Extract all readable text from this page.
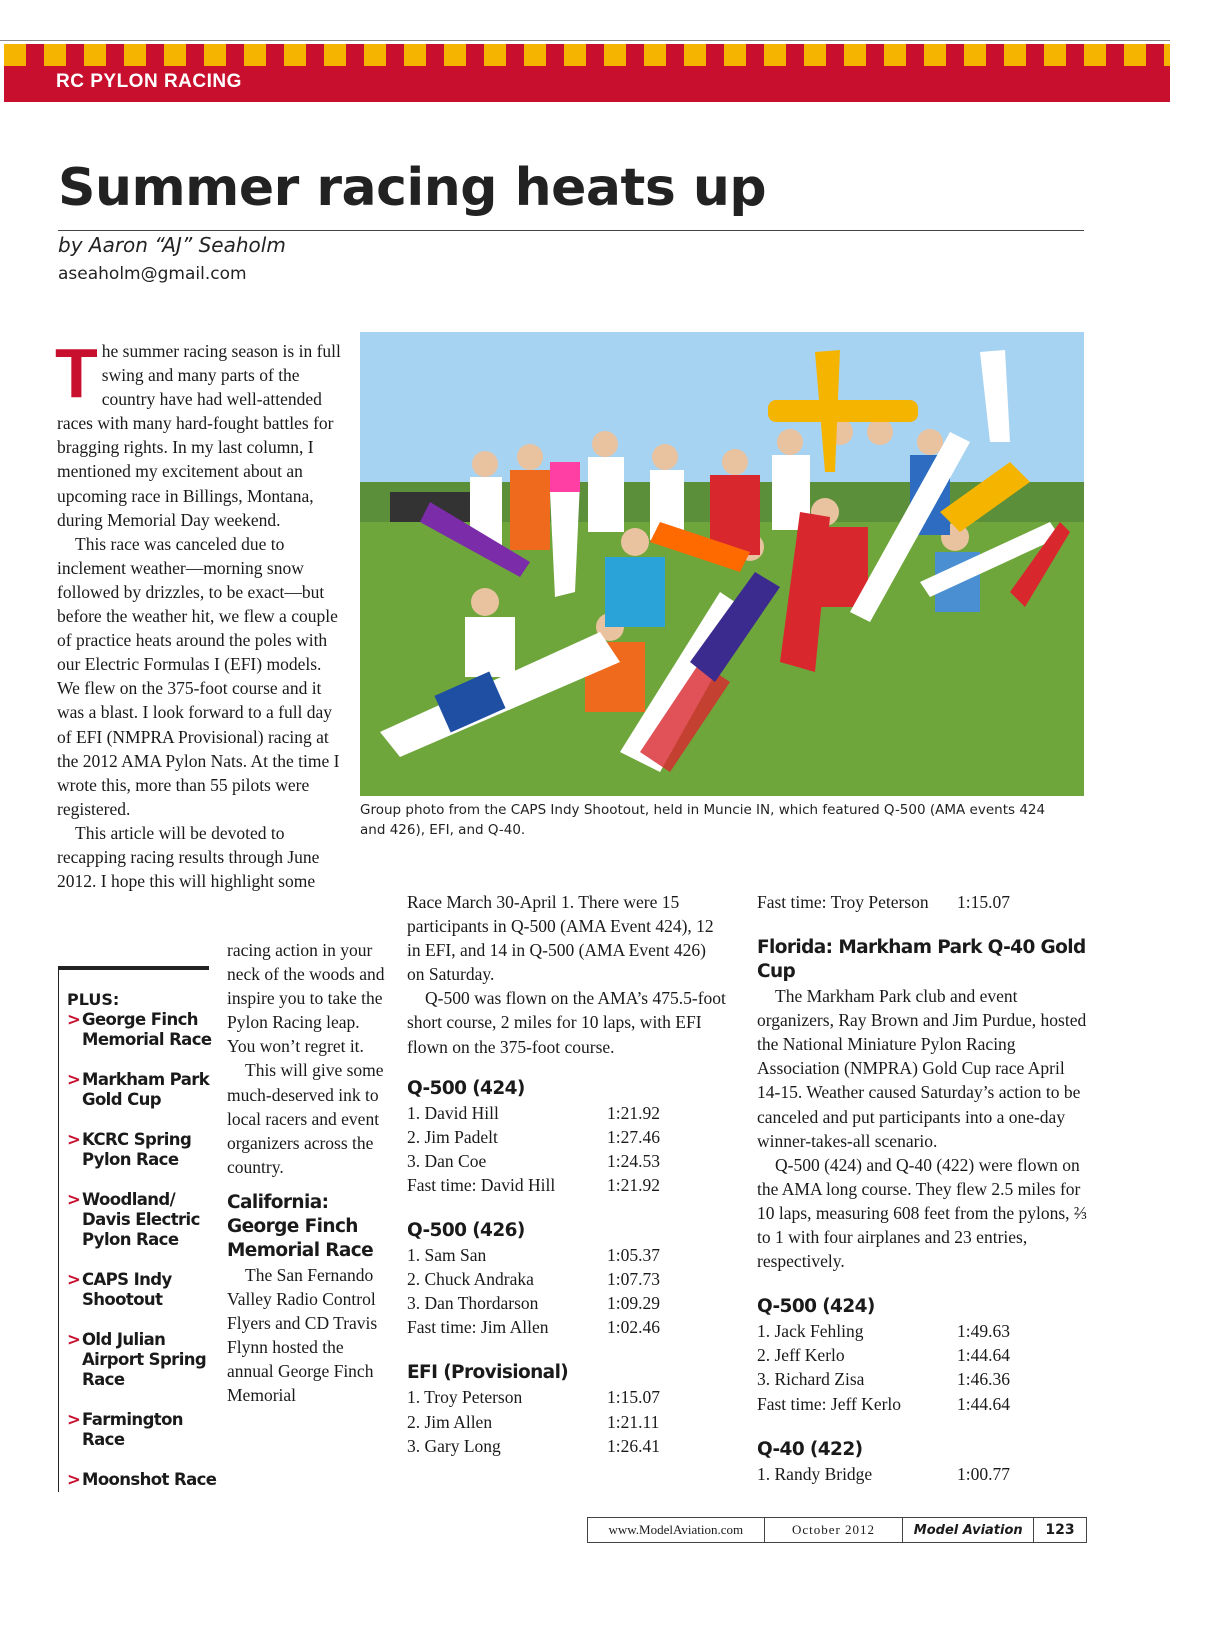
RC PYLON RACING
Summer racing heats up
by Aaron “AJ” Seaholm
aseaholm@gmail.com

The summer racing season is in full swing and many parts of the country have had well-attended races with many hard-fought battles for bragging rights. In my last column, I mentioned my excitement about an upcoming race in Billings, Montana, during Memorial Day weekend.

This race was canceled due to inclement weather—morning snow followed by drizzles, to be exact—but before the weather hit, we flew a couple of practice heats around the poles with our Electric Formulas I (EFI) models. We flew on the 375-foot course and it was a blast. I look forward to a full day of EFI (NMPRA Provisional) racing at the 2012 AMA Pylon Nats. At the time I wrote this, more than 55 pilots were registered.

This article will be devoted to recapping racing results through June 2012. I hope this will highlight some

Group photo from the CAPS Indy Shootout, held in Muncie IN, which featured Q-500 (AMA events 424 and 426), EFI, and Q-40.

racing action in your neck of the woods and inspire you to take the Pylon Racing leap. You won’t regret it.

This will give some much-deserved ink to local racers and event organizers across the country.

California: George Finch Memorial Race

The San Fernando Valley Radio Control Flyers and CD Travis Flynn hosted the annual George Finch Memorial

PLUS:
> George Finch Memorial Race
> Markham Park Gold Cup
> KCRC Spring Pylon Race
> Woodland/ Davis Electric Pylon Race
> CAPS Indy Shootout
> Old Julian Airport Spring Race
> Farmington Race
> Moonshot Race

Race March 30-April 1. There were 15 participants in Q-500 (AMA Event 424), 12 in EFI, and 14 in Q-500 (AMA Event 426) on Saturday.

Q-500 was flown on the AMA’s 475.5-foot short course, 2 miles for 10 laps, with EFI flown on the 375-foot course.

Q-500 (424)
1. David Hill	1:21.92
2. Jim Padelt	1:27.46
3. Dan Coe	1:24.53
Fast time: David Hill	1:21.92
Q-500 (426)
1. Sam San	1:05.37
2. Chuck Andraka	1:07.73
3. Dan Thordarson	1:09.29
Fast time: Jim Allen	1:02.46
EFI (Provisional)
1. Troy Peterson	1:15.07
2. Jim Allen	1:21.11
3. Gary Long	1:26.41
Fast time: Troy Peterson 1:15.07
Florida: Markham Park Q-40 Gold Cup

The Markham Park club and event organizers, Ray Brown and Jim Purdue, hosted the National Miniature Pylon Racing Association (NMPRA) Gold Cup race April 14-15. Weather caused Saturday’s action to be canceled and put participants into a one-day winner-takes-all scenario.

Q-500 (424) and Q-40 (422) were flown on the AMA long course. They flew 2.5 miles for 10 laps, measuring 608 feet from the pylons, ⅔ to 1 with four airplanes and 23 entries, respectively.

Q-500 (424)
1. Jack Fehling	1:49.63
2. Jeff Kerlo	1:44.64
3. Richard Zisa	1:46.36
Fast time: Jeff Kerlo	1:44.64
Q-40 (422)
1. Randy Bridge	1:00.77
www.ModelAviation.com	October 2012	Model Aviation	123
